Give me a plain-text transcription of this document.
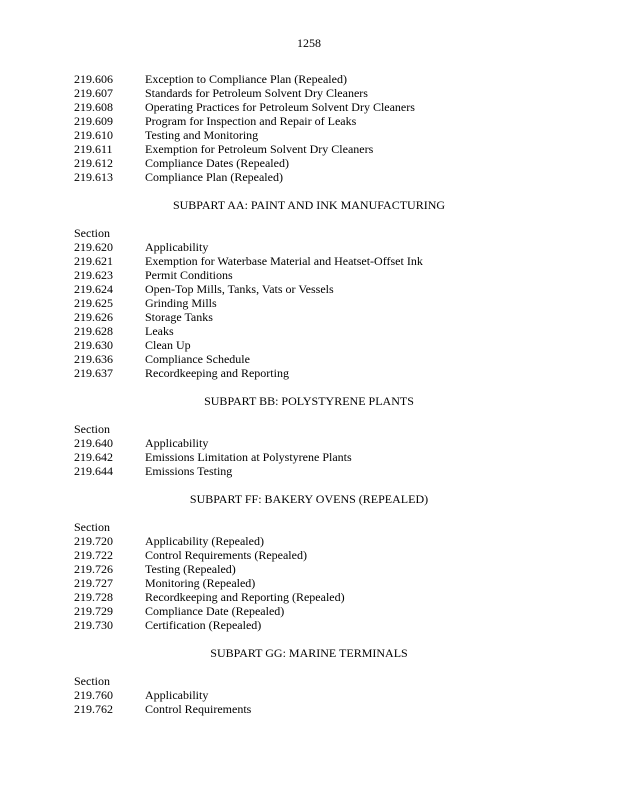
1258
219.606	Exception to Compliance Plan (Repealed)
219.607	Standards for Petroleum Solvent Dry Cleaners
219.608	Operating Practices for Petroleum Solvent Dry Cleaners
219.609	Program for Inspection and Repair of Leaks
219.610	Testing and Monitoring
219.611	Exemption for Petroleum Solvent Dry Cleaners
219.612	Compliance Dates (Repealed)
219.613	Compliance Plan (Repealed)
SUBPART AA: PAINT AND INK MANUFACTURING
Section
219.620	Applicability
219.621	Exemption for Waterbase Material and Heatset-Offset Ink
219.623	Permit Conditions
219.624	Open-Top Mills, Tanks, Vats or Vessels
219.625	Grinding Mills
219.626	Storage Tanks
219.628	Leaks
219.630	Clean Up
219.636	Compliance Schedule
219.637	Recordkeeping and Reporting
SUBPART BB: POLYSTYRENE PLANTS
Section
219.640	Applicability
219.642	Emissions Limitation at Polystyrene Plants
219.644	Emissions Testing
SUBPART FF: BAKERY OVENS (REPEALED)
Section
219.720	Applicability (Repealed)
219.722	Control Requirements (Repealed)
219.726	Testing (Repealed)
219.727	Monitoring (Repealed)
219.728	Recordkeeping and Reporting (Repealed)
219.729	Compliance Date (Repealed)
219.730	Certification (Repealed)
SUBPART GG: MARINE TERMINALS
Section
219.760	Applicability
219.762	Control Requirements
